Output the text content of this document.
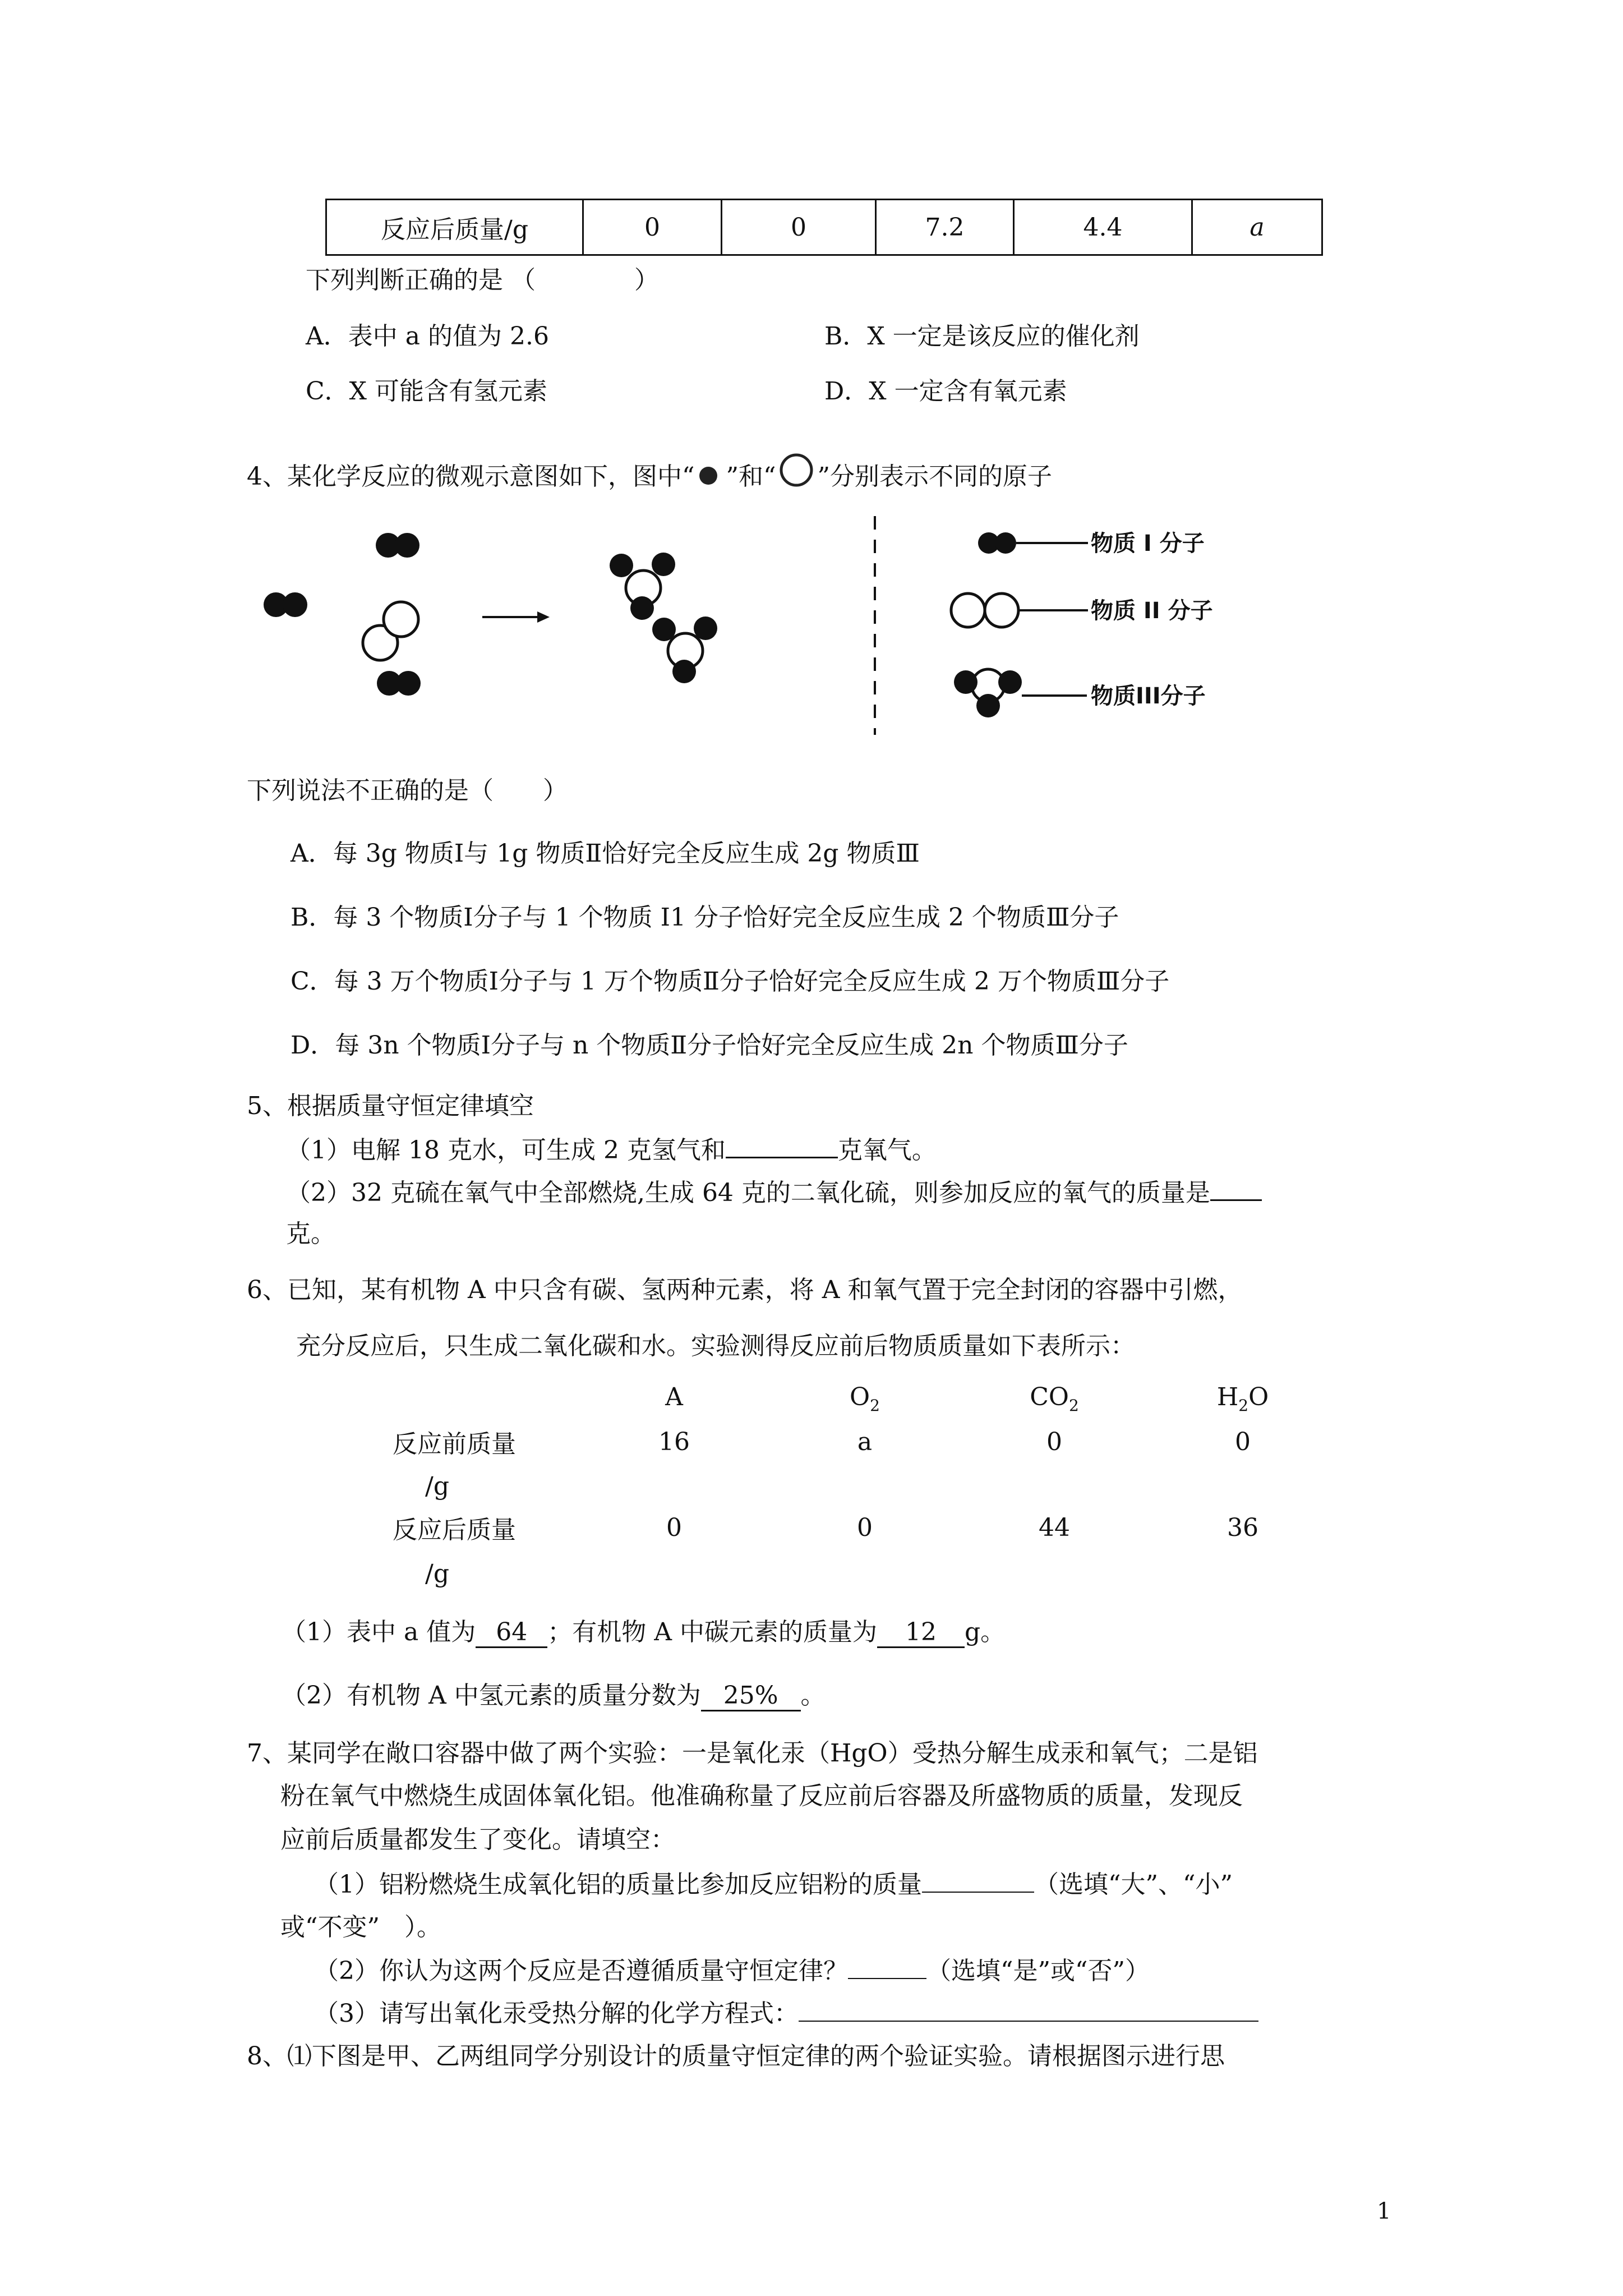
反应后质量/g	0	0	7.2	4.4	a
下列判断正确的是 （　　　　）
A．表中 a 的值为 2.6	B．X 一定是该反应的催化剂
C．X 可能含有氢元素	D．X 一定含有氧元素
4、某化学反应的微观示意图如下，图中“ ”和“ ”分别表示不同的原子
物质 I 分子
物质 II 分子
物质III分子
下列说法不正确的是（　　）
A．每 3g 物质Ⅰ与 1g 物质Ⅱ恰好完全反应生成 2g 物质Ⅲ
B．每 3 个物质Ⅰ分子与 1 个物质 I1 分子恰好完全反应生成 2 个物质Ⅲ分子
C．每 3 万个物质Ⅰ分子与 1 万个物质Ⅱ分子恰好完全反应生成 2 万个物质Ⅲ分子
D．每 3n 个物质Ⅰ分子与 n 个物质Ⅱ分子恰好完全反应生成 2n 个物质Ⅲ分子
5、根据质量守恒定律填空
（1）电解 18 克水，可生成 2 克氢气和	克氧气。
（2）32 克硫在氧气中全部燃烧,生成 64 克的二氧化硫，则参加反应的氧气的质量是
克。
6、已知，某有机物 A 中只含有碳、氢两种元素，将 A 和氧气置于完全封闭的容器中引燃，
充分反应后，只生成二氧化碳和水。实验测得反应前后物质质量如下表所示：
A	$O_2$	$CO_2$	$H_2O$
反应前质量
/g
16	a	0	0
反应后质量
/g
0	0	44	36
（1）表中 a 值为 64 ；有机物 A 中碳元素的质量为 12 g。
（2）有机物 A 中氢元素的质量分数为 25% 。
7、某同学在敞口容器中做了两个实验：一是氧化汞（HgO）受热分解生成汞和氧气；二是铝
粉在氧气中燃烧生成固体氧化铝。他准确称量了反应前后容器及所盛物质的质量，发现反
应前后质量都发生了变化。请填空：
（1）铝粉燃烧生成氧化铝的质量比参加反应铝粉的质量	（选填“大”、“小”
或“不变”　）。
（2）你认为这两个反应是否遵循质量守恒定律？	（选填“是”或“否”）
（3）请写出氧化汞受热分解的化学方程式：
8、⑴下图是甲、乙两组同学分别设计的质量守恒定律的两个验证实验。请根据图示进行思
1
